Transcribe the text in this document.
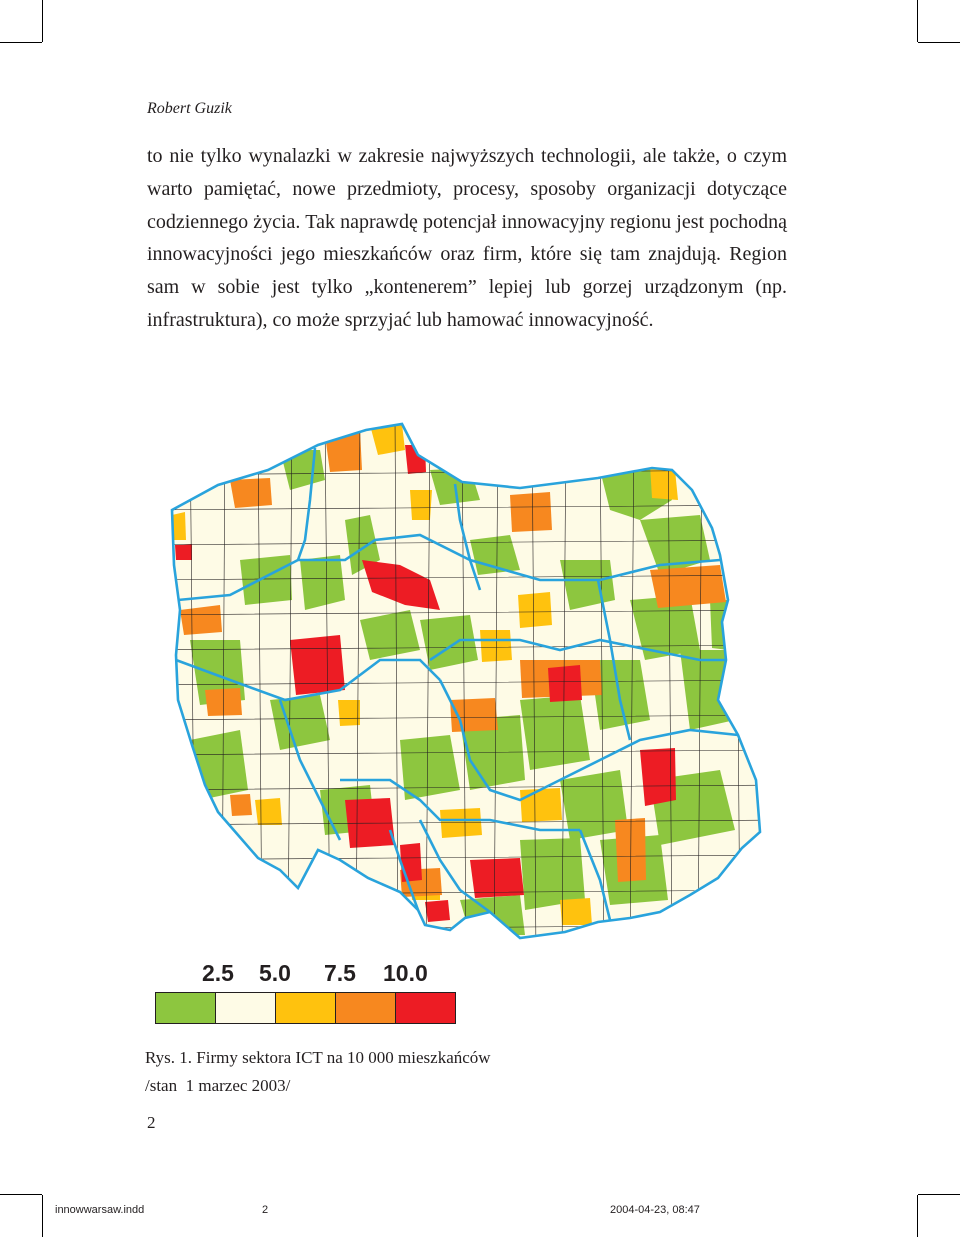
Robert Guzik

to nie tylko wynalazki w zakresie najwyższych technologii, ale także, o czym warto pamiętać, nowe przedmioty, procesy, sposoby organizacji dotyczące codziennego życia. Tak naprawdę potencjał innowacyjny regionu jest pochodną innowacyjności jego mieszkańców oraz firm, które się tam znajdują. Region sam w sobie jest tylko „kontenerem” lepiej lub gorzej urządzonym (np. infrastruktura), co może sprzyjać lub hamować innowacyjność.

2.5 5.0 7.5 10.0
Rys. 1. Firmy sektora ICT na 10 000 mieszkańców
/stan  1 marzec 2003/
2
innowwarsaw.indd	2	2004-04-23, 08:47
